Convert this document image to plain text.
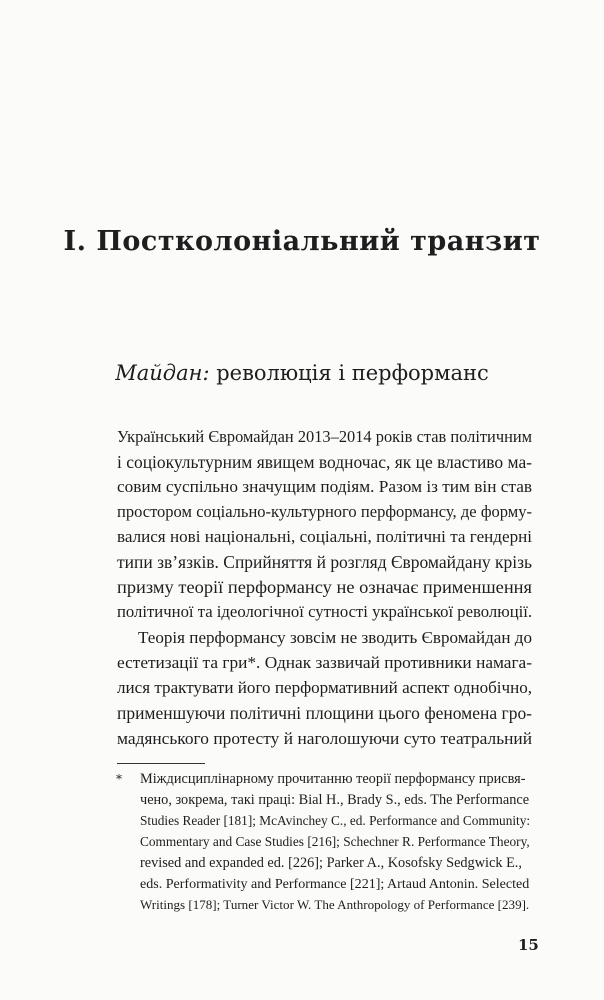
I. Постколоніальний транзит
Майдан: революція і перформанс
Український Євромайдан 2013–2014 років став політичним
і соціокультурним явищем водночас, як це властиво ма-
совим суспільно значущим подіям. Разом із тим він став
простором соціально-культурного перформансу, де форму-
валися нові національні, соціальні, політичні та гендерні
типи зв’язків. Сприйняття й розгляд Євромайдану крізь
призму теорії перформансу не означає применшення
політичної та ідеологічної сутності української революції.
Теорія перформансу зовсім не зводить Євромайдан до
естетизації та гри*. Однак зазвичай противники намага-
лися трактувати його перформативний аспект однобічно,
применшуючи політичні площини цього феномена гро-
мадянського протесту й наголошуючи суто театральний
* Міждисциплінарному прочитанню теорії перформансу присвя-
чено, зокрема, такі праці: Bial H., Brady S., eds. The Performance
Studies Reader [181]; McAvinchey C., ed. Performance and Community:
Commentary and Case Studies [216]; Schechner R. Performance Theory,
revised and expanded ed. [226]; Parker A., Kosofsky Sedgwick E.,
eds. Performativity and Performance [221]; Artaud Antonin. Selected
Writings [178]; Turner Victor W. The Anthropology of Performance [239].
15
